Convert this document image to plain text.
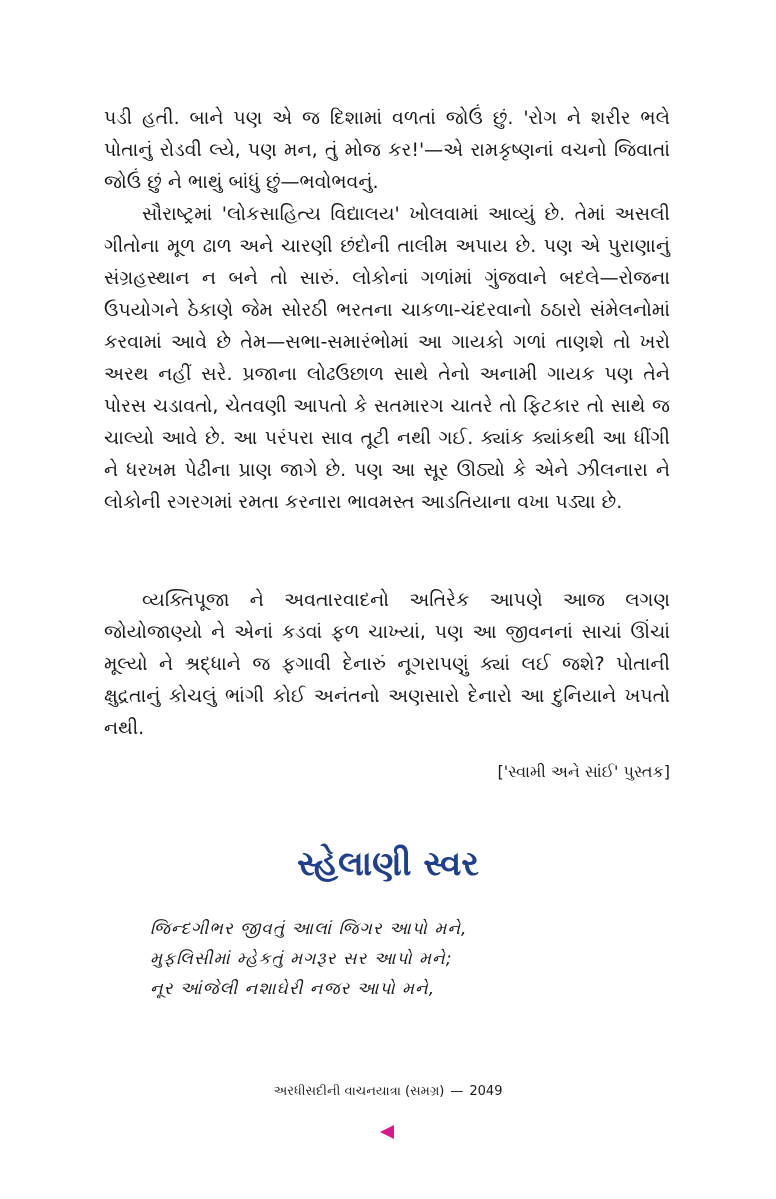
પડી હતી. બાને પણ એ જ દિશામાં વળતાં જોઉં છું. 'રોગ ને શરીર ભલે પોતાનું રોડવી લ્યે, પણ મન, તું મોજ કર!'—એ રામકૃષ્ણનાં વચનો જિવાતાં જોઉં છું ને ભાથું બાંધું છું—ભવોભવનું.

સૌરાષ્ટ્રમાં 'લોકસાહિત્ય વિદ્યાલય' ખોલવામાં આવ્યું છે. તેમાં અસલી ગીતોના મૂળ ઢાળ અને ચારણી છંદોની તાલીમ અપાય છે. પણ એ પુરાણાનું સંગ્રહસ્થાન ન બને તો સારું. લોકોનાં ગળાંમાં ગુંજવાને બદલે—રોજના ઉપયોગને ઠેકાણે જેમ સોરઠી ભરતના ચાકળા-ચંદરવાનો ઠઠારો સંમેલનોમાં કરવામાં આવે છે તેમ—સભા-સમારંભોમાં આ ગાયકો ગળાં તાણશે તો ખરો અરથ નહીં સરે. પ્રજાના લોઢઉછાળ સાથે તેનો અનામી ગાયક પણ તેને પોરસ ચડાવતો, ચેતવણી આપતો કે સતમારગ ચાતરે તો ફિટકાર તો સાથે જ ચાલ્યો આવે છે. આ પરંપરા સાવ તૂટી નથી ગઈ. ક્યાંક ક્યાંકથી આ ધીંગી ને ધરખમ પેઢીના પ્રાણ જાગે છે. પણ આ સૂર ઊઠ્યો કે એને ઝીલનારા ને લોકોની રગરગમાં રમતા કરનારા ભાવમસ્ત આડતિયાના વખા પડ્યા છે.

વ્યક્તિપૂજા ને અવતારવાદનો અતિરેક આપણે આજ લગણ જોયોજાણ્યો ને એનાં કડવાં ફળ ચાખ્યાં, પણ આ જીવનનાં સાચાં ઊંચાં મૂલ્યો ને શ્રદ્ધાને જ ફગાવી દેનારું નૂગરાપણું ક્યાં લઈ જશે? પોતાની ક્ષુદ્રતાનું કોચલું ભાંગી કોઈ અનંતનો અણસારો દેનારો આ દુનિયાને ખપતો નથી.

['સ્વામી અને સાંઈ' પુસ્તક]
સ્હેલાણી સ્વર
જિન્દગીભર જીવતું આલાં જિગર આપો મને,
મુફલિસીમાં મ્હેકતું મગરૂર સર આપો મને;
નૂર આંજેલી નશાઘેરી નજર આપો મને,
અરધીસદીની વાચનયાત્રા (સમગ્ર) — 2049
